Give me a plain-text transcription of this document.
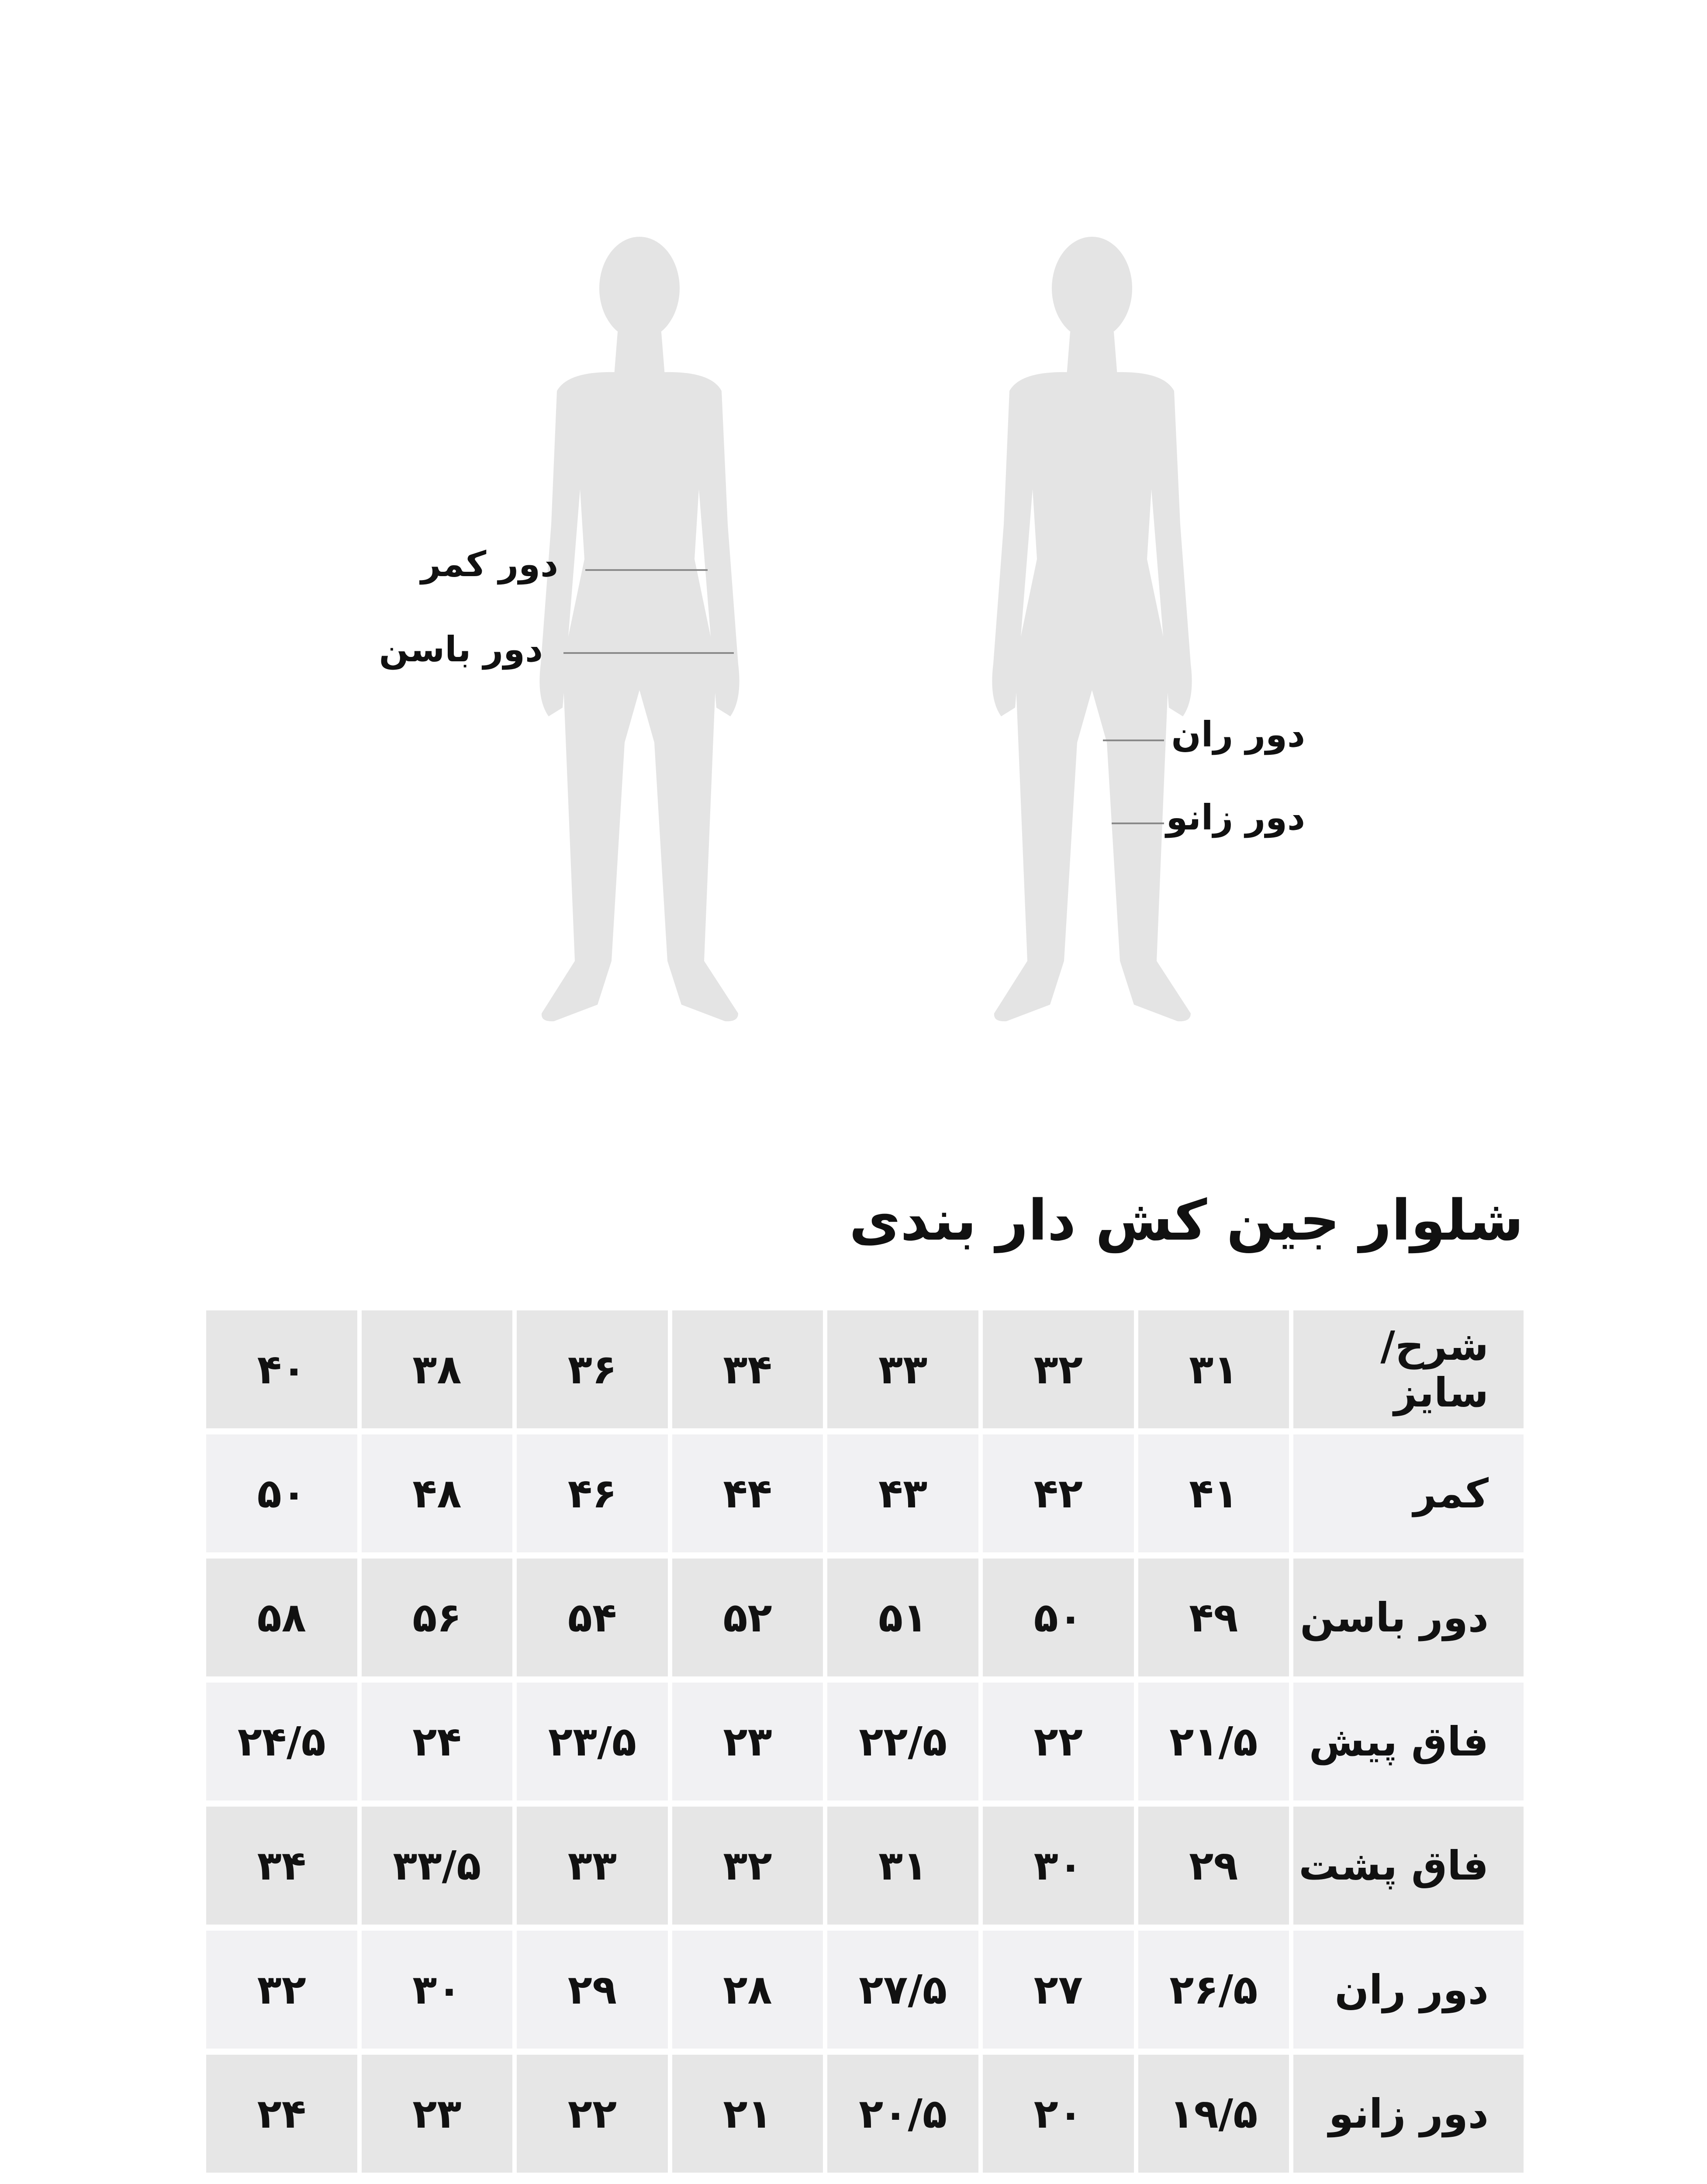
دور کمر
دور باسن
دور ران
دور زانو
شلوار جین کش دار بندی
شرح/سایز
۳۱
۳۲
۳۳
۳۴
۳۶
۳۸
۴۰
کمر
۴۱
۴۲
۴۳
۴۴
۴۶
۴۸
۵۰
دور باسن
۴۹
۵۰
۵۱
۵۲
۵۴
۵۶
۵۸
فاق پیش
۲۱/۵
۲۲
۲۲/۵
۲۳
۲۳/۵
۲۴
۲۴/۵
فاق پشت
۲۹
۳۰
۳۱
۳۲
۳۳
۳۳/۵
۳۴
دور ران
۲۶/۵
۲۷
۲۷/۵
۲۸
۲۹
۳۰
۳۲
دور زانو
۱۹/۵
۲۰
۲۰/۵
۲۱
۲۲
۲۳
۲۴
